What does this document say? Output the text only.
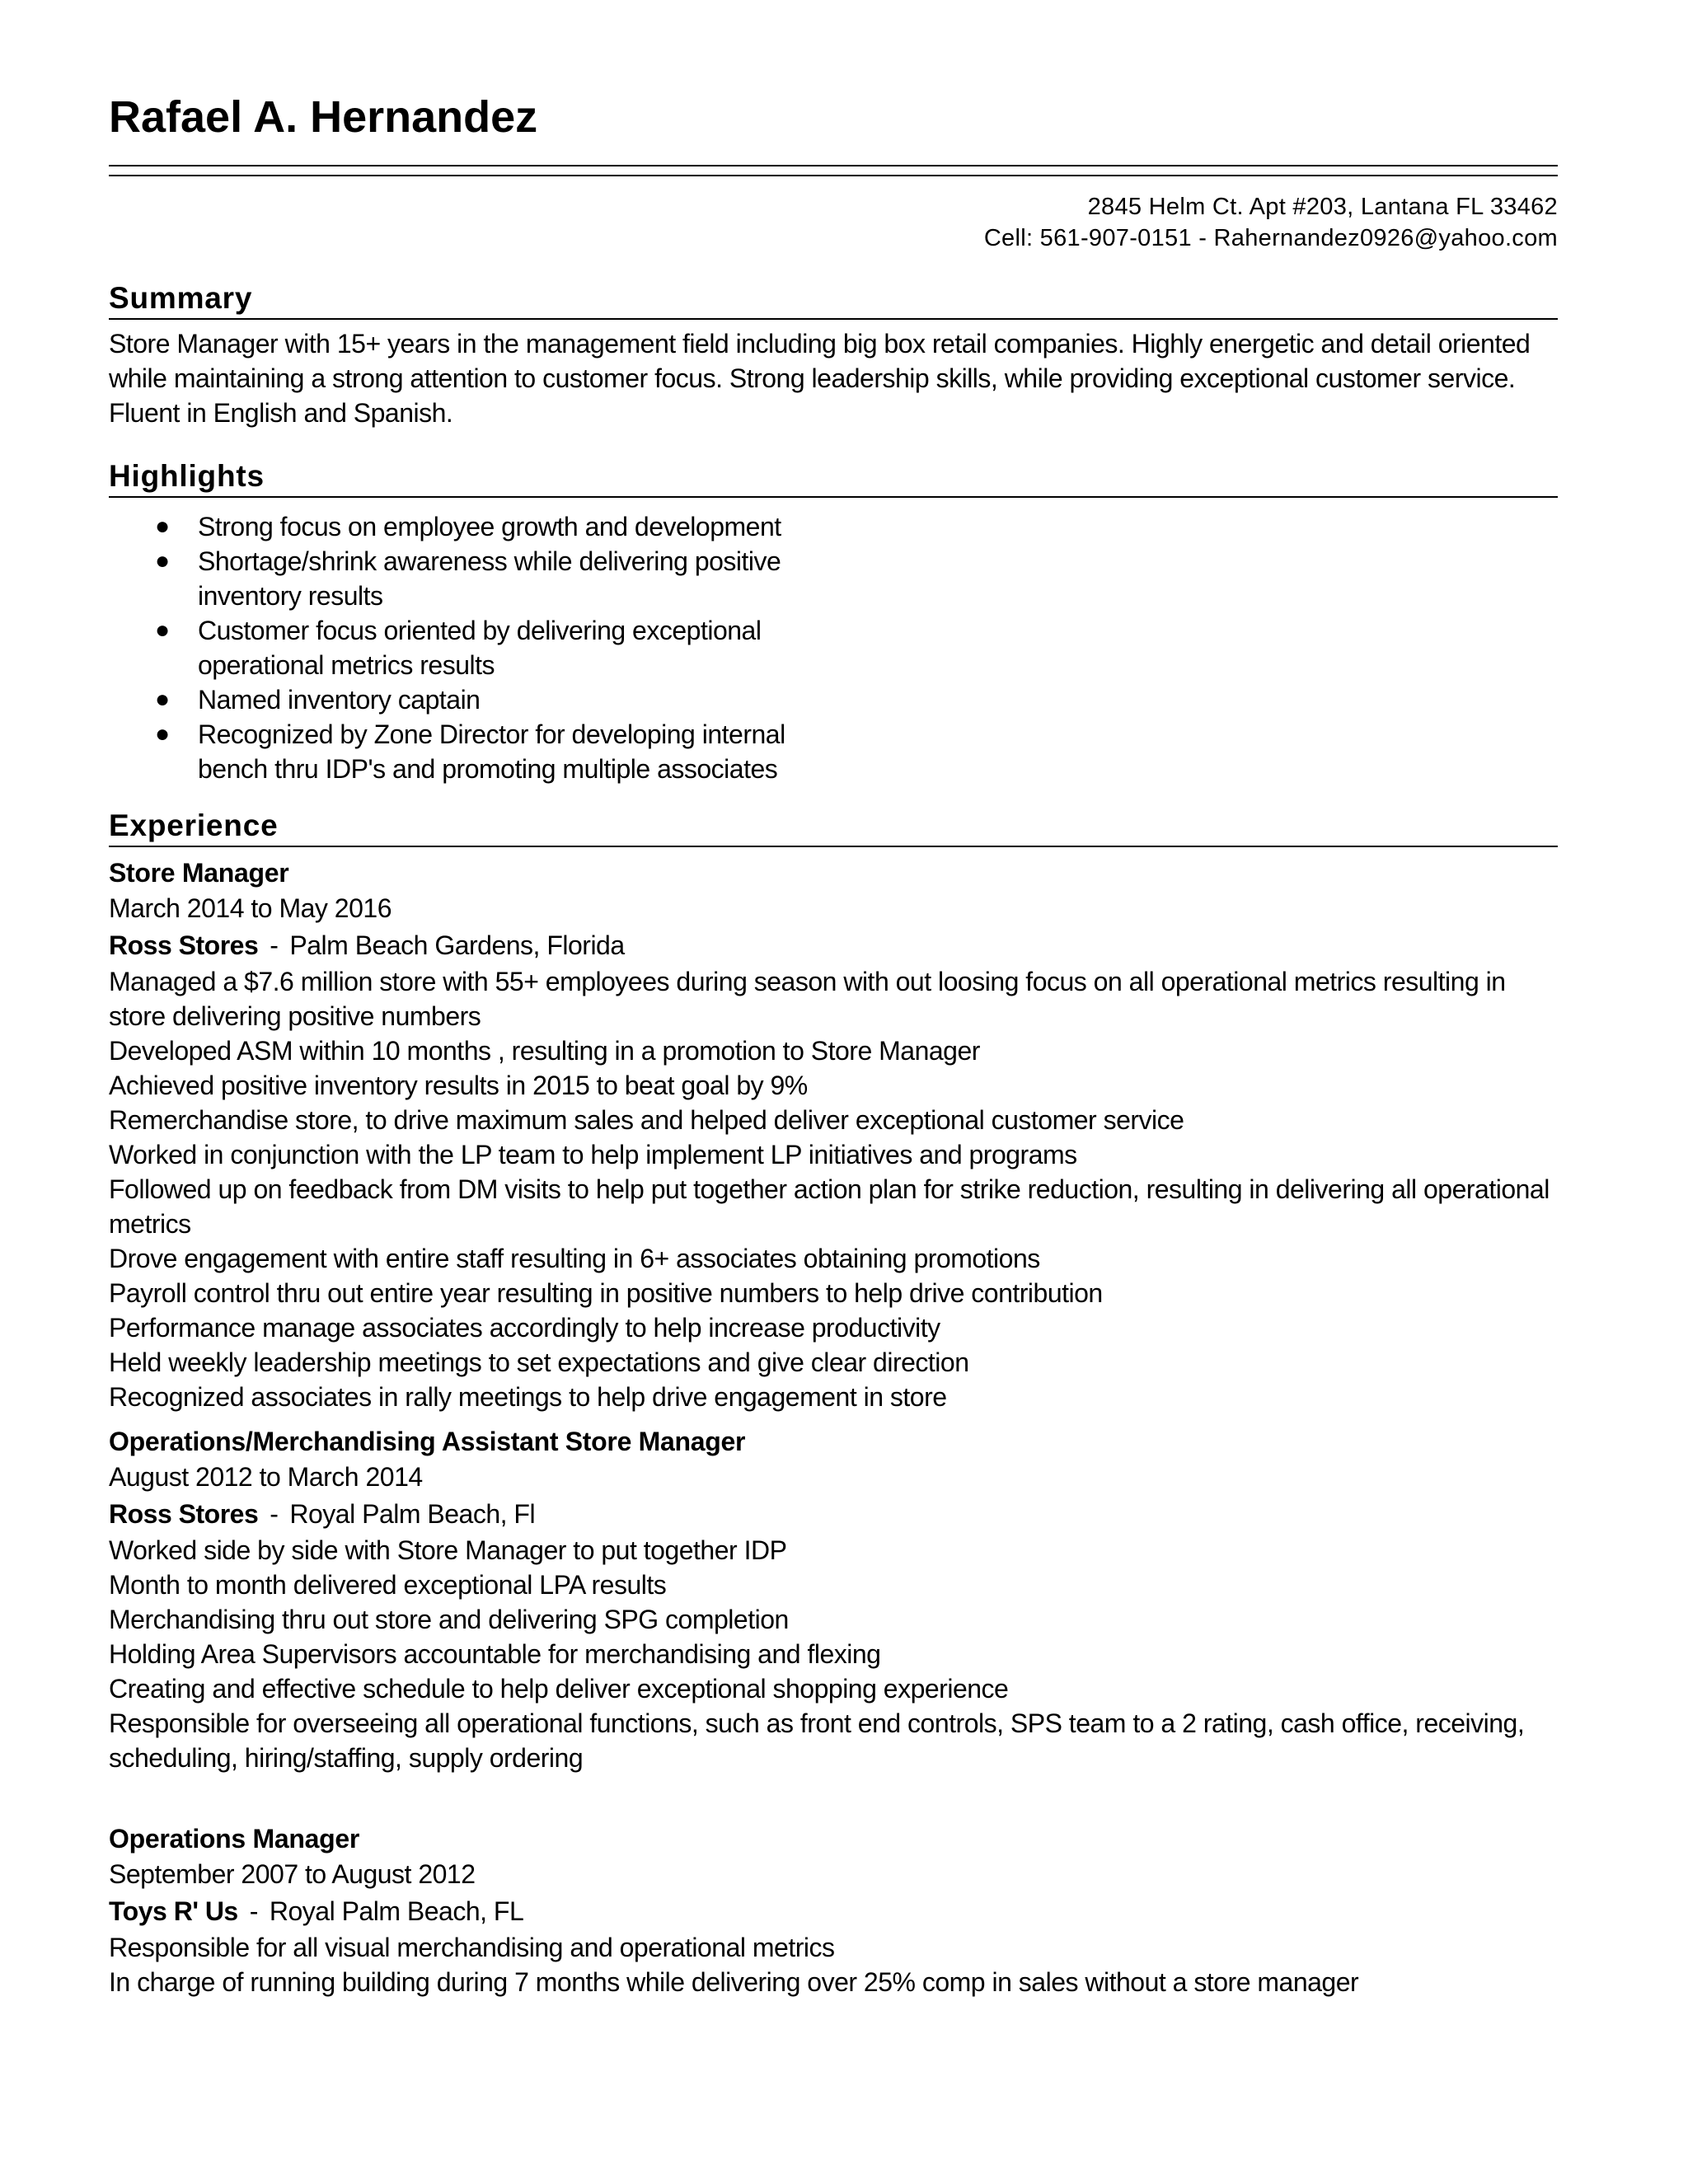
Rafael A. Hernandez
2845 Helm Ct. Apt #203, Lantana FL 33462
Cell: 561-907-0151 - Rahernandez0926@yahoo.com
Summary
Store Manager with 15+ years in the management field including big box retail companies. Highly energetic and detail oriented while maintaining a strong attention to customer focus. Strong leadership skills, while providing exceptional customer service. Fluent in English and Spanish.
Highlights
● Strong focus on employee growth and development
● Shortage/shrink awareness while delivering positive inventory results
● Customer focus oriented by delivering exceptional operational metrics results
● Named inventory captain
● Recognized by Zone Director for developing internal bench thru IDP's and promoting multiple associates
Experience
Store Manager
March 2014 to May 2016
Ross Stores - Palm Beach Gardens, Florida
Managed a $7.6 million store with 55+ employees during season with out loosing focus on all operational metrics resulting in store delivering positive numbers
Developed ASM within 10 months , resulting in a promotion to Store Manager
Achieved positive inventory results in 2015 to beat goal by 9%
Remerchandise store, to drive maximum sales and helped deliver exceptional customer service
Worked in conjunction with the LP team to help implement LP initiatives and programs
Followed up on feedback from DM visits to help put together action plan for strike reduction, resulting in delivering all operational metrics
Drove engagement with entire staff resulting in 6+ associates obtaining promotions
Payroll control thru out entire year resulting in positive numbers to help drive contribution
Performance manage associates accordingly to help increase productivity
Held weekly leadership meetings to set expectations and give clear direction
Recognized associates in rally meetings to help drive engagement in store
Operations/Merchandising Assistant Store Manager
August 2012 to March 2014
Ross Stores - Royal Palm Beach, Fl
Worked side by side with Store Manager to put together IDP
Month to month delivered exceptional LPA results
Merchandising thru out store and delivering SPG completion
Holding Area Supervisors accountable for merchandising and flexing
Creating and effective schedule to help deliver exceptional shopping experience
Responsible for overseeing all operational functions, such as front end controls, SPS team to a 2 rating, cash office, receiving, scheduling, hiring/staffing, supply ordering
Operations Manager
September 2007 to August 2012
Toys R' Us - Royal Palm Beach, FL
Responsible for all visual merchandising and operational metrics
In charge of running building during 7 months while delivering over 25% comp in sales without a store manager
